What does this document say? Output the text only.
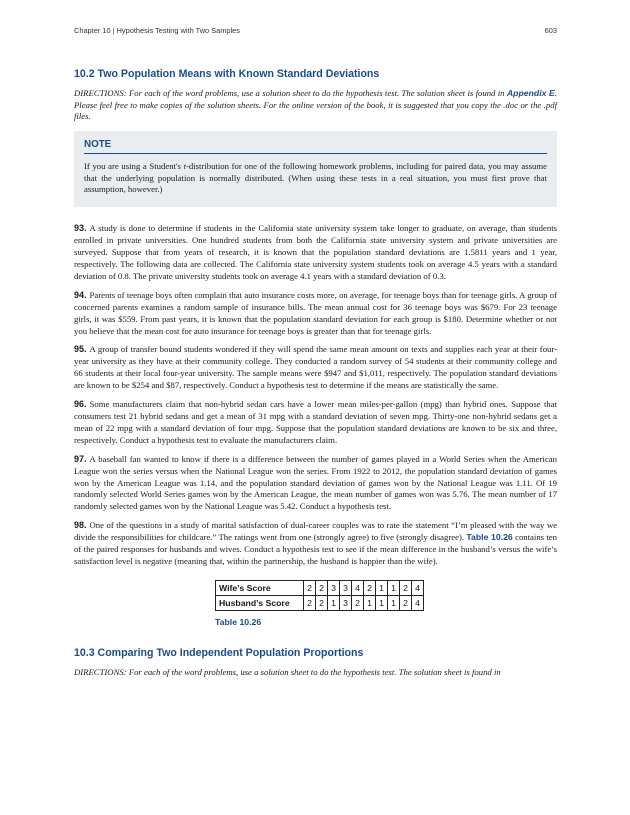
Chapter 10 | Hypothesis Testing with Two Samples	603
10.2 Two Population Means with Known Standard Deviations

DIRECTIONS: For each of the word problems, use a solution sheet to do the hypothesis test. The solution sheet is found in Appendix E. Please feel free to make copies of the solution sheets. For the online version of the book, it is suggested that you copy the .doc or the .pdf files.

NOTE
If you are using a Student's t-distribution for one of the following homework problems, including for paired data, you may assume that the underlying population is normally distributed. (When using these tests in a real situation, you must first prove that assumption, however.)
93. A study is done to determine if students in the California state university system take longer to graduate, on average, than students enrolled in private universities. One hundred students from both the California state university system and private universities are surveyed. Suppose that from years of research, it is known that the population standard deviations are 1.5811 years and 1 year, respectively. The following data are collected. The California state university system students took on average 4.5 years with a standard deviation of 0.8. The private university students took on average 4.1 years with a standard deviation of 0.3.
94. Parents of teenage boys often complain that auto insurance costs more, on average, for teenage boys than for teenage girls. A group of concerned parents examines a random sample of insurance bills. The mean annual cost for 36 teenage boys was $679. For 23 teenage girls, it was $559. From past years, it is known that the population standard deviation for each group is $180. Determine whether or not you believe that the mean cost for auto insurance for teenage boys is greater than that for teenage girls.
95. A group of transfer bound students wondered if they will spend the same mean amount on texts and supplies each year at their four-year university as they have at their community college. They conducted a random survey of 54 students at their community college and 66 students at their local four-year university. The sample means were $947 and $1,011, respectively. The population standard deviations are known to be $254 and $87, respectively. Conduct a hypothesis test to determine if the means are statistically the same.
96. Some manufacturers claim that non-hybrid sedan cars have a lower mean miles-per-gallon (mpg) than hybrid ones. Suppose that consumers test 21 hybrid sedans and get a mean of 31 mpg with a standard deviation of seven mpg. Thirty-one non-hybrid sedans get a mean of 22 mpg with a standard deviation of four mpg. Suppose that the population standard deviations are known to be six and three, respectively. Conduct a hypothesis test to evaluate the manufacturers claim.
97. A baseball fan wanted to know if there is a difference between the number of games played in a World Series when the American League won the series versus when the National League won the series. From 1922 to 2012, the population standard deviation of games won by the American League was 1.14, and the population standard deviation of games won by the National League was 1.11. Of 19 randomly selected World Series games won by the American League, the mean number of games won was 5.76. The mean number of 17 randomly selected games won by the National League was 5.42. Conduct a hypothesis test.
98. One of the questions in a study of marital satisfaction of dual-career couples was to rate the statement “I’m pleased with the way we divide the responsibilities for childcare.” The ratings went from one (strongly agree) to five (strongly disagree). Table 10.26 contains ten of the paired responses for husbands and wives. Conduct a hypothesis test to see if the mean difference in the husband’s versus the wife’s satisfaction level is negative (meaning that, within the partnership, the husband is happier than the wife).
Wife’s Score	2	2	3	3	4	2	1	1	2	4
Husband’s Score	2	2	1	3	2	1	1	1	2	4
Table 10.26
10.3 Comparing Two Independent Population Proportions

DIRECTIONS: For each of the word problems, use a solution sheet to do the hypothesis test. The solution sheet is found in
